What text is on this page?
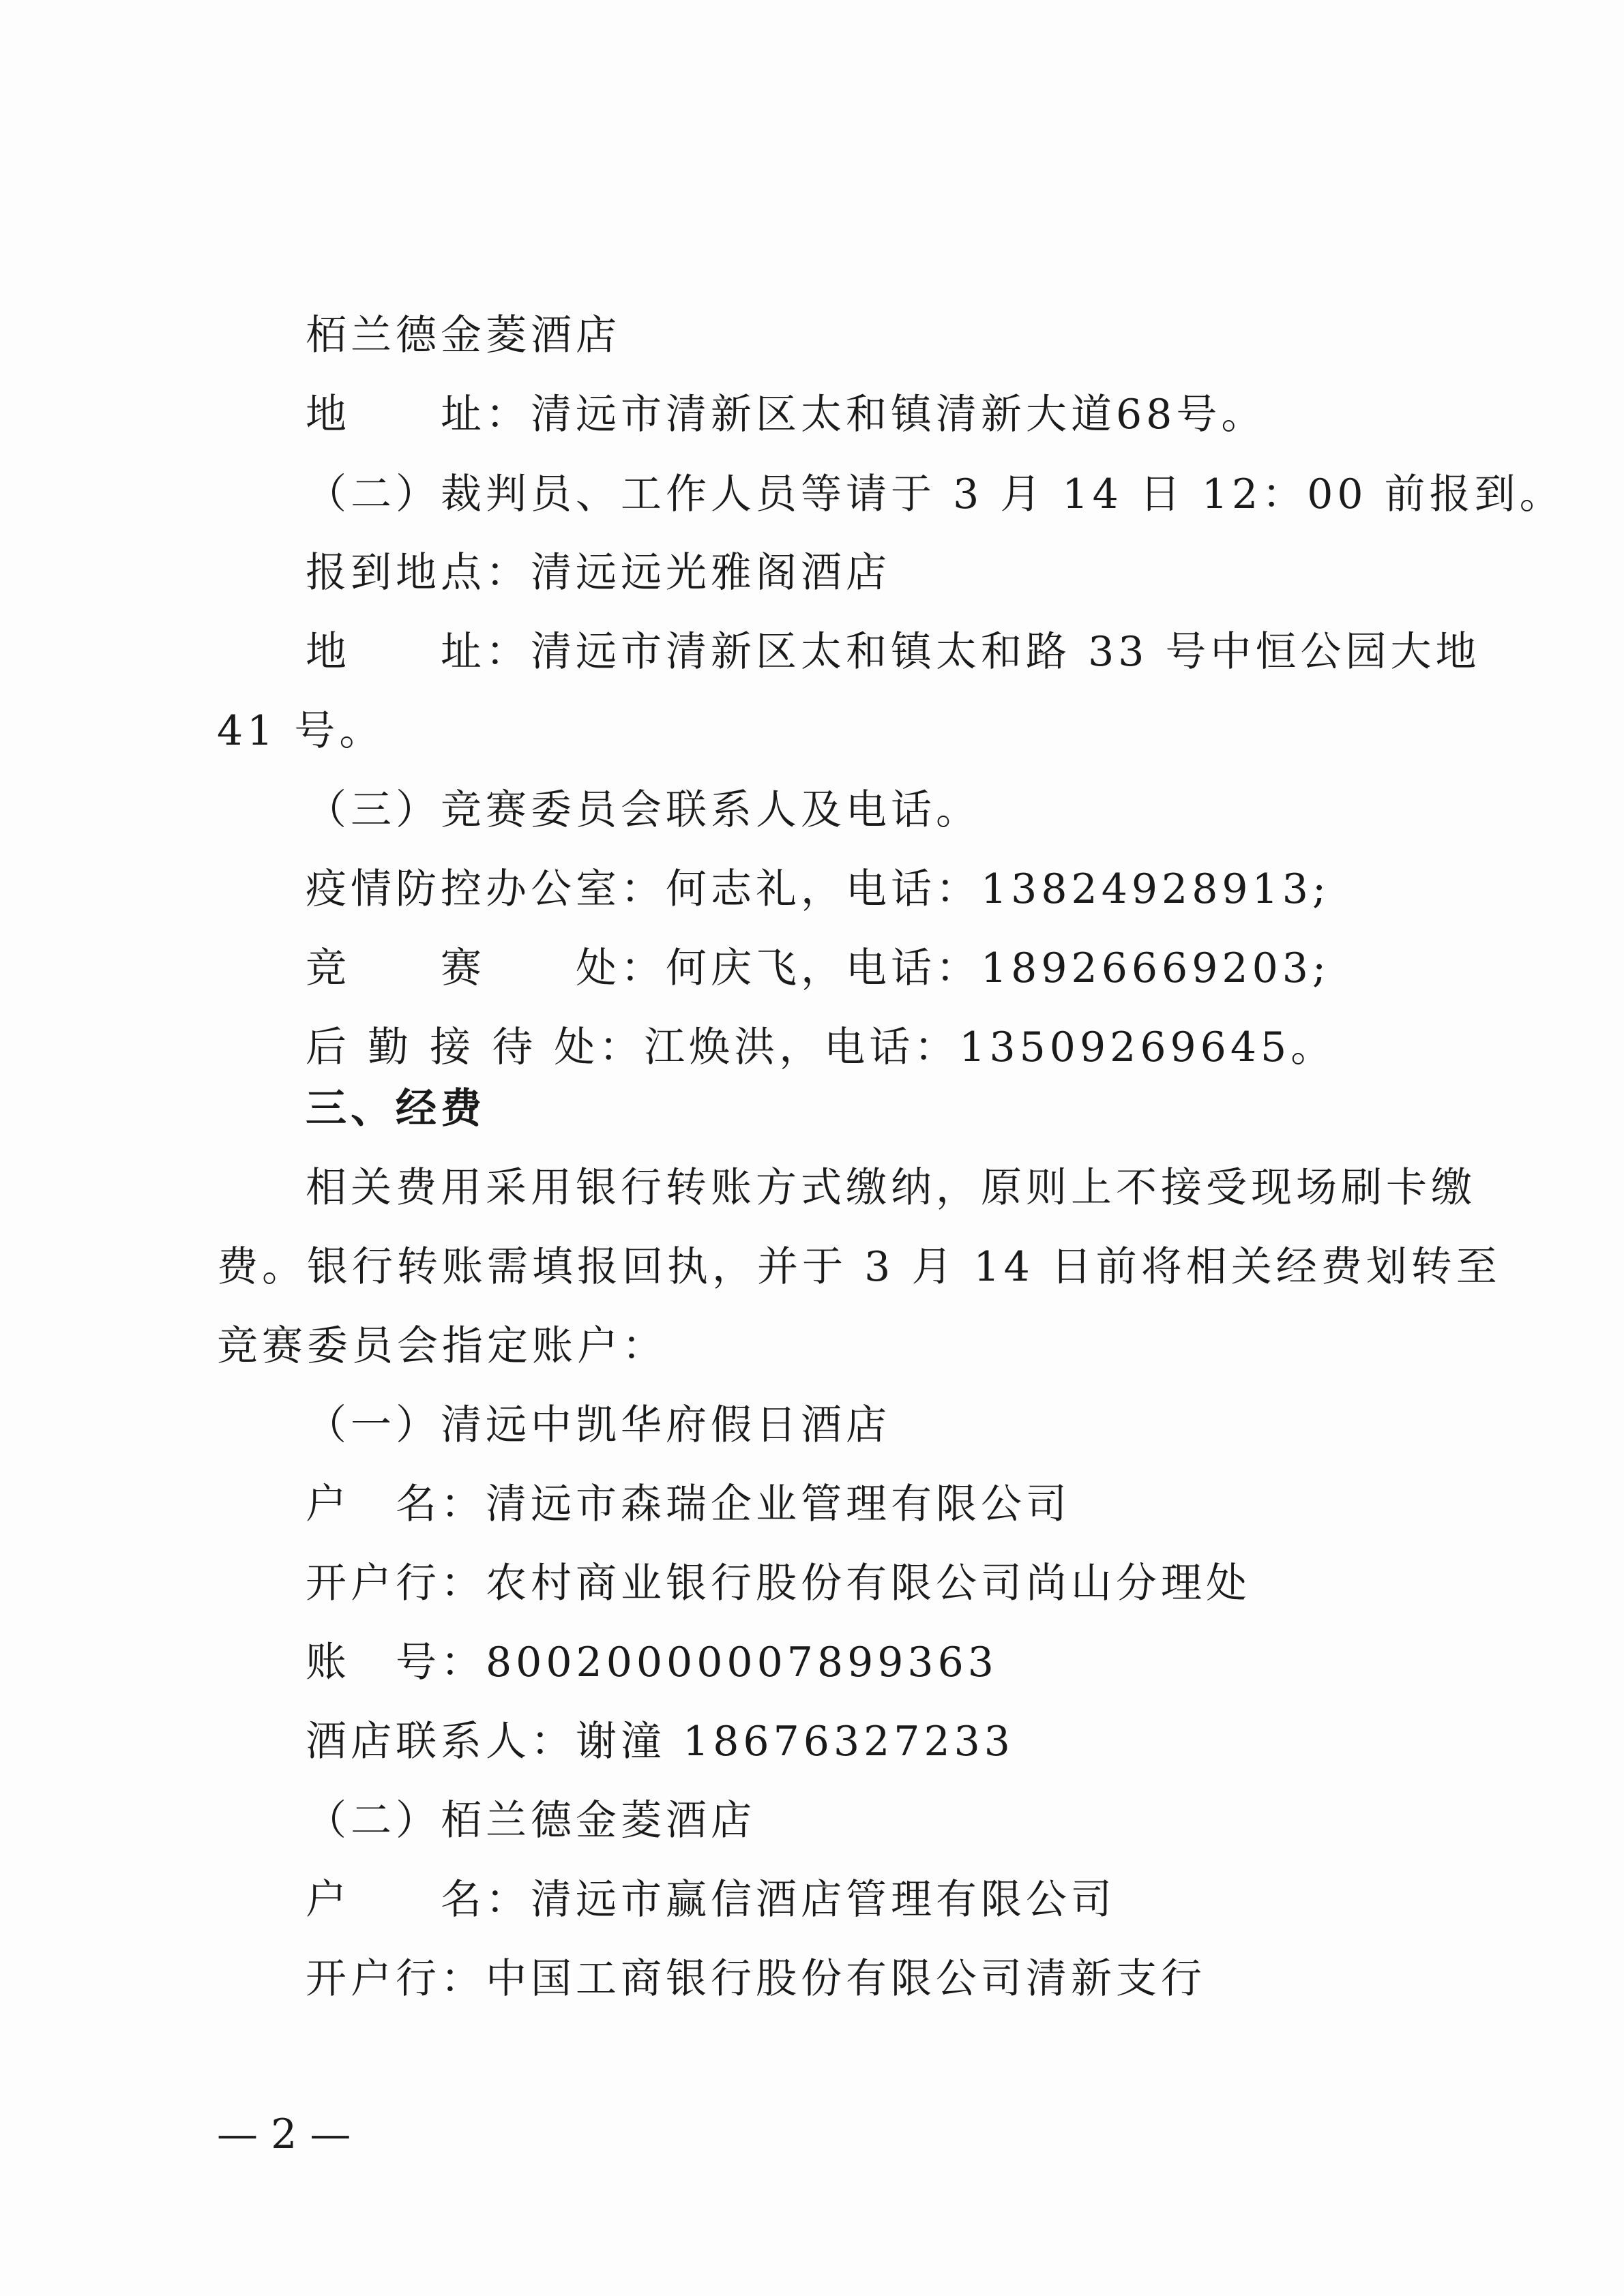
栢兰德金菱酒店
地　　址：清远市清新区太和镇清新大道68号。
（二）裁判员、工作人员等请于 3 月 14 日 12：00 前报到。
报到地点：清远远光雅阁酒店
地　　址：清远市清新区太和镇太和路 33 号中恒公园大地
41 号。
（三）竞赛委员会联系人及电话。
疫情防控办公室：何志礼，电话：13824928913;
竞　　赛　　处：何庆飞，电话：18926669203;
后 勤 接 待 处：江焕洪，电话：13509269645。
三、经费
相关费用采用银行转账方式缴纳，原则上不接受现场刷卡缴
费。银行转账需填报回执，并于 3 月 14 日前将相关经费划转至
竞赛委员会指定账户：
（一）清远中凯华府假日酒店
户　名：清远市森瑞企业管理有限公司
开户行：农村商业银行股份有限公司尚山分理处
账　号：80020000007899363
酒店联系人：谢潼 18676327233
（二）栢兰德金菱酒店
户　　名：清远市赢信酒店管理有限公司
开户行：中国工商银行股份有限公司清新支行
— 2 —
